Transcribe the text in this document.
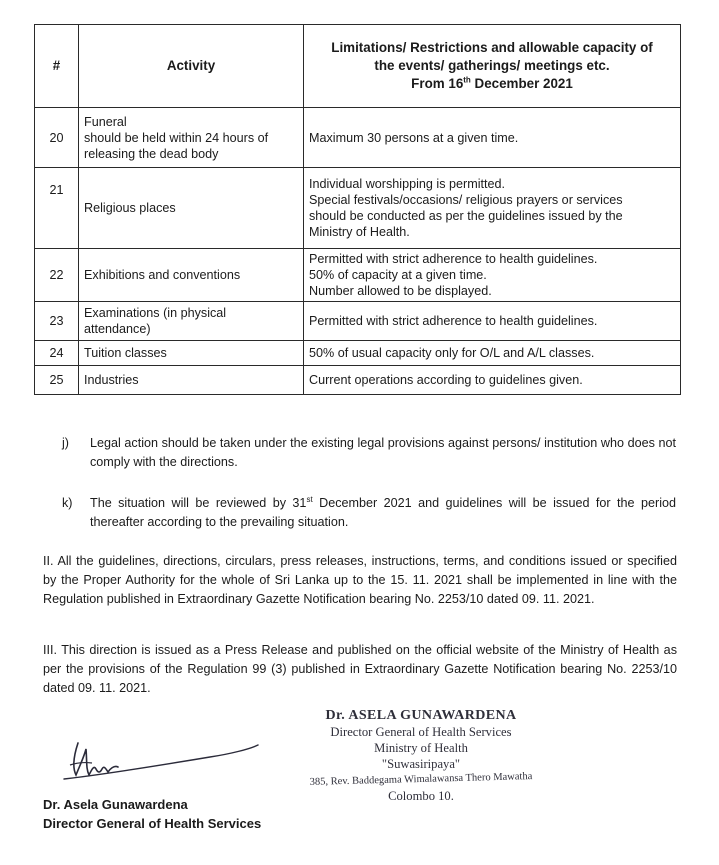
#	Activity	Limitations/ Restrictions and allowable capacity of
the events/ gatherings/ meetings etc.
From 16th December 2021

20	Funeral
should be held within 24 hours of
releasing the dead body	Maximum 30 persons at a given time.

21	Religious places	Individual worshipping is permitted.
Special festivals/occasions/ religious prayers or services
should be conducted as per the guidelines issued by the
Ministry of Health.

22	Exhibitions and conventions	Permitted with strict adherence to health guidelines.
50% of capacity at a given time.
Number allowed to be displayed.

23	Examinations (in physical
attendance)	Permitted with strict adherence to health guidelines.

24	Tuition classes	50% of usual capacity only for O/L and A/L classes.

25	Industries	Current operations according to guidelines given.
j)	Legal action should be taken under the existing legal provisions against persons/ institution who does not comply with the directions.
k)	The situation will be reviewed by 31st December 2021 and guidelines will be issued for the period thereafter according to the prevailing situation.
II. All the guidelines, directions, circulars, press releases, instructions, terms, and conditions issued or specified by the Proper Authority for the whole of Sri Lanka up to the 15. 11. 2021 shall be implemented in line with the Regulation published in Extraordinary Gazette Notification bearing No. 2253/10 dated 09. 11. 2021.
III. This direction is issued as a Press Release and published on the official website of the Ministry of Health as per the provisions of the Regulation 99 (3) published in Extraordinary Gazette Notification bearing No. 2253/10 dated 09. 11. 2021.
Dr. ASELA GUNAWARDENA
Director General of Health Services
Ministry of Health
"Suwasiripaya"
385, Rev. Baddegama Wimalawansa Thero Mawatha
Colombo 10.
Dr. Asela Gunawardena
Director General of Health Services
